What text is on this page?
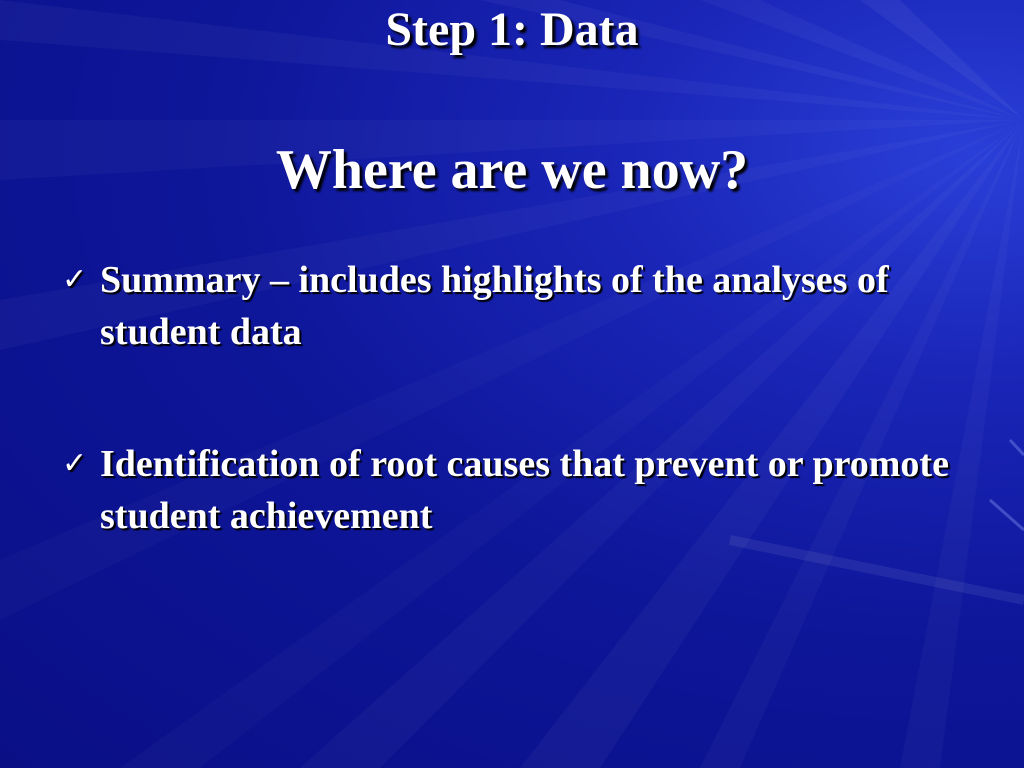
Step 1: Data
Where are we now?
✓ Summary – includes highlights of the analyses of student data
✓ Identification of root causes that prevent or promote student achievement
